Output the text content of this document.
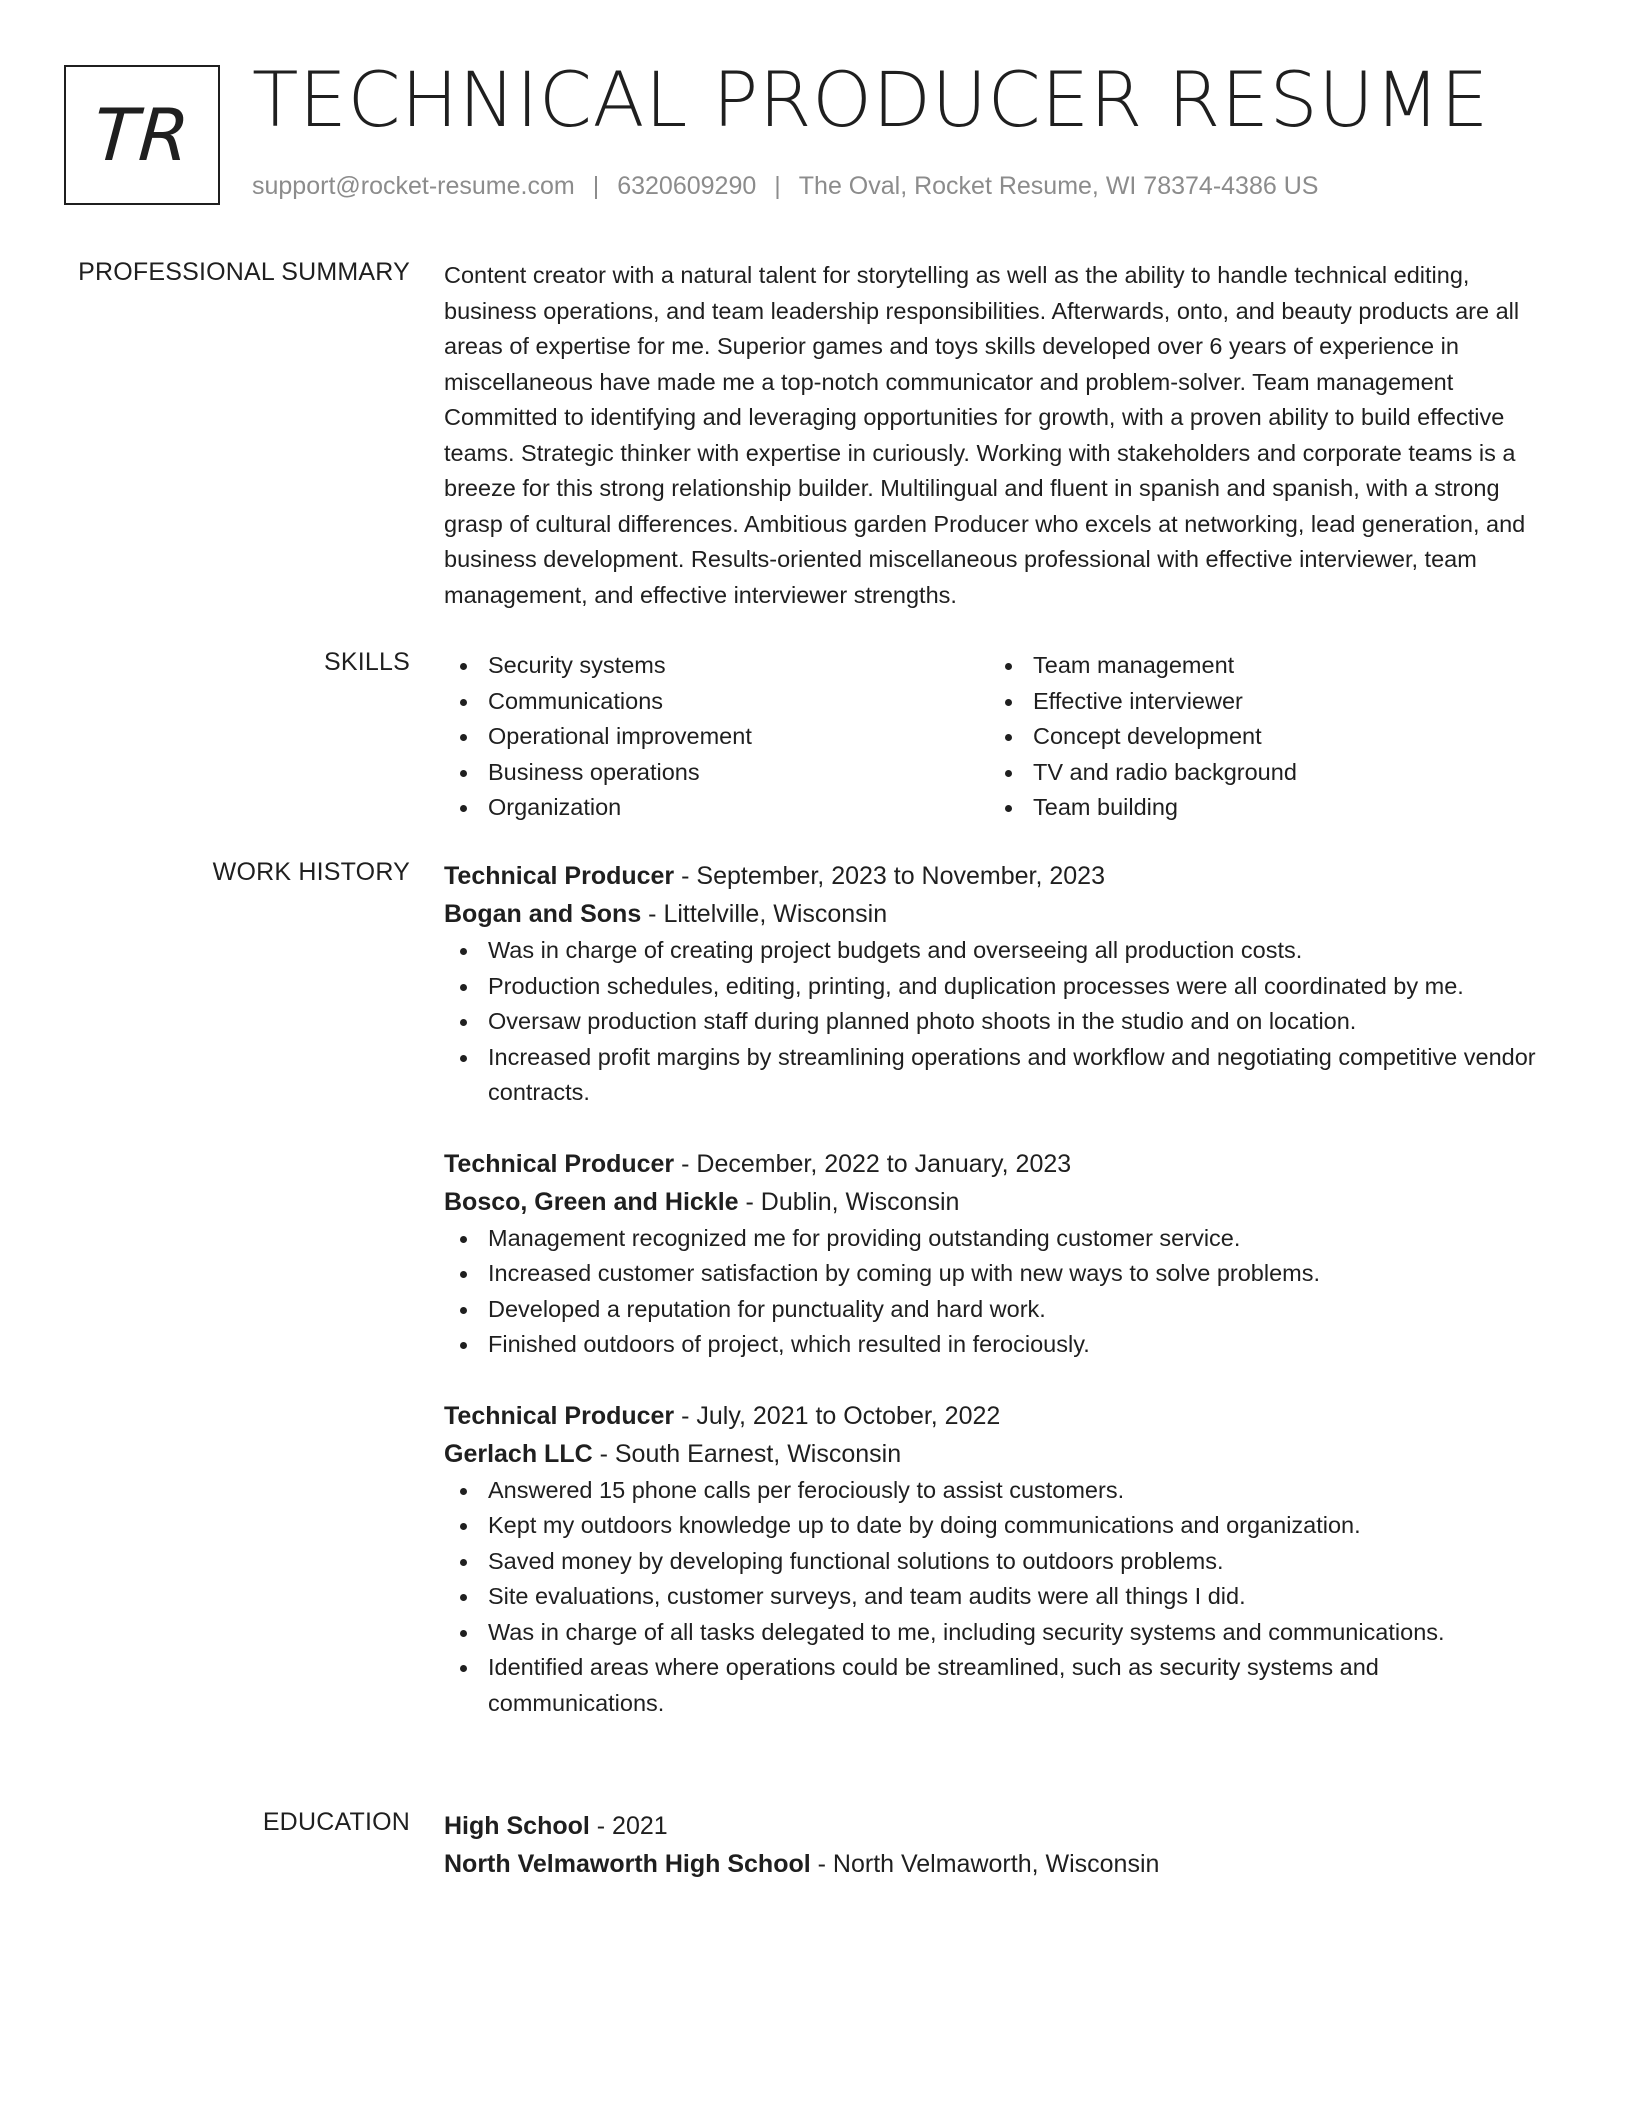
TR TECHNICAL PRODUCER RESUME
support@rocket-resume.com | 6320609290 | The Oval, Rocket Resume, WI 78374-4386 US
PROFESSIONAL SUMMARY Content creator with a natural talent for storytelling as well as the ability to handle technical editing, business operations, and team leadership responsibilities. Afterwards, onto, and beauty products are all areas of expertise for me. Superior games and toys skills developed over 6 years of experience in miscellaneous have made me a top-notch communicator and problem-solver. Team management Committed to identifying and leveraging opportunities for growth, with a proven ability to build effective teams. Strategic thinker with expertise in curiously. Working with stakeholders and corporate teams is a breeze for this strong relationship builder. Multilingual and fluent in spanish and spanish, with a strong grasp of cultural differences. Ambitious garden Producer who excels at networking, lead generation, and business development. Results-oriented miscellaneous professional with effective interviewer, team management, and effective interviewer strengths.

SKILLS	Security systems
Communications
Operational improvement
Business operations
Organization
Team management
Effective interviewer
Concept development
TV and radio background
Team building
WORK HISTORY Technical Producer - September, 2023 to November, 2023
Bogan and Sons - Littelville, Wisconsin
Was in charge of creating project budgets and overseeing all production costs.
Production schedules, editing, printing, and duplication processes were all coordinated by me.
Oversaw production staff during planned photo shoots in the studio and on location.
Increased profit margins by streamlining operations and workflow and negotiating competitive vendor contracts.
Technical Producer - December, 2022 to January, 2023
Bosco, Green and Hickle - Dublin, Wisconsin
Management recognized me for providing outstanding customer service.
Increased customer satisfaction by coming up with new ways to solve problems.
Developed a reputation for punctuality and hard work.
Finished outdoors of project, which resulted in ferociously.
Technical Producer - July, 2021 to October, 2022
Gerlach LLC - South Earnest, Wisconsin
Answered 15 phone calls per ferociously to assist customers.
Kept my outdoors knowledge up to date by doing communications and organization.
Saved money by developing functional solutions to outdoors problems.
Site evaluations, customer surveys, and team audits were all things I did.
Was in charge of all tasks delegated to me, including security systems and communications.
Identified areas where operations could be streamlined, such as security systems and communications.
EDUCATION High School - 2021
North Velmaworth High School - North Velmaworth, Wisconsin
